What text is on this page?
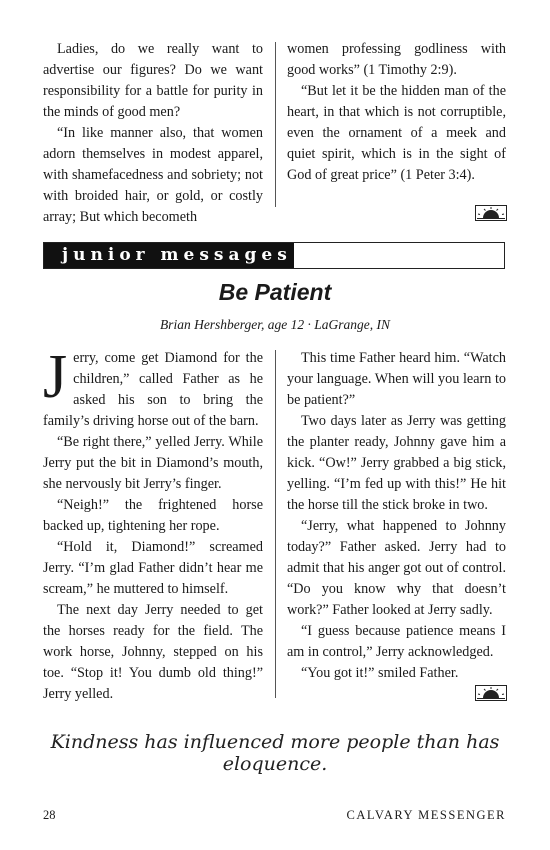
Ladies, do we really want to advertise our figures? Do we want responsibility for a battle for purity in the minds of good men?

“In like manner also, that women adorn themselves in modest apparel, with shamefacedness and sobriety; not with broided hair, or gold, or costly array; But which becometh

women professing godliness with good works” (1 Timothy 2:9).

“But let it be the hidden man of the heart, in that which is not corruptible, even the ornament of a meek and quiet spirit, which is in the sight of God of great price” (1 Peter 3:4).

junior messages
Be Patient
Brian Hershberger, age 12 · LaGrange, IN

Jerry, come get Diamond for the children,” called Father as he asked his son to bring the family’s driving horse out of the barn.

“Be right there,” yelled Jerry. While Jerry put the bit in Diamond’s mouth, she nervously bit Jerry’s finger.

“Neigh!” the frightened horse backed up, tightening her rope.

“Hold it, Diamond!” screamed Jerry. “I’m glad Father didn’t hear me scream,” he muttered to himself.

The next day Jerry needed to get the horses ready for the field. The work horse, Johnny, stepped on his toe. “Stop it! You dumb old thing!” Jerry yelled.

This time Father heard him. “Watch your language. When will you learn to be patient?”

Two days later as Jerry was getting the planter ready, Johnny gave him a kick. “Ow!” Jerry grabbed a big stick, yelling. “I’m fed up with this!” He hit the horse till the stick broke in two.

“Jerry, what happened to Johnny today?” Father asked. Jerry had to admit that his anger got out of control. “Do you know why that doesn’t work?” Father looked at Jerry sadly.

“I guess because patience means I am in control,” Jerry acknowledged.

“You got it!” smiled Father.

Kindness has influenced more people than has eloquence.
28	CALVARY MESSENGER
